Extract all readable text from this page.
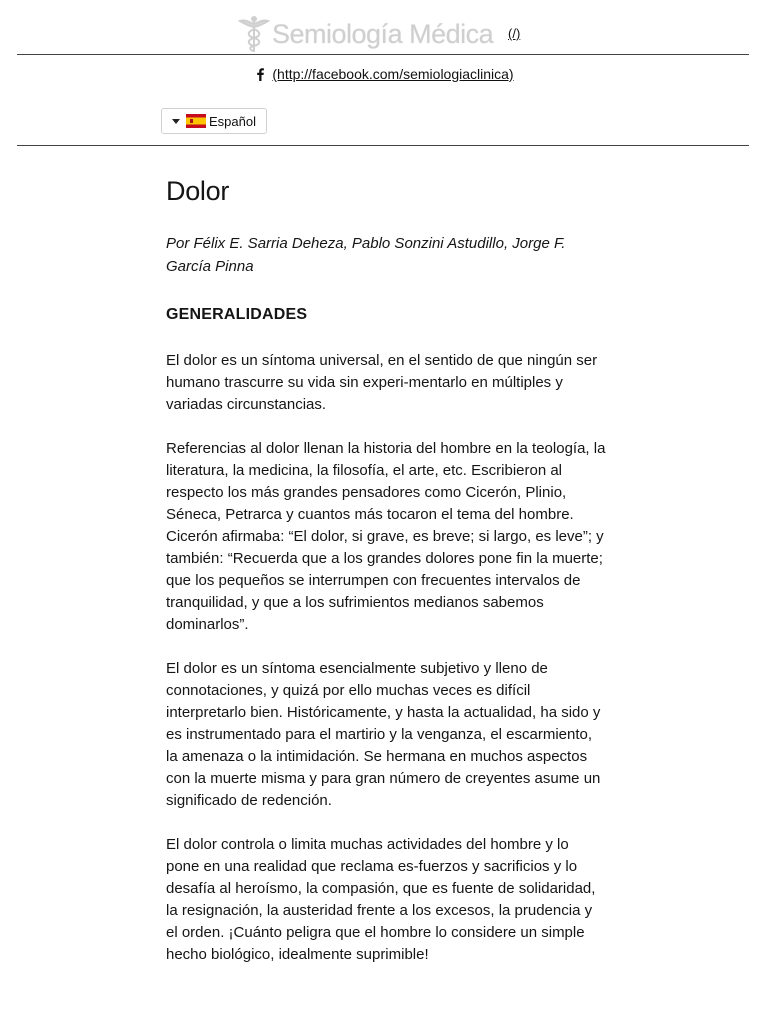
Semiología Médica (/)
(http://facebook.com/semiologiaclinica)
Español
Dolor

Por Félix E. Sarria Deheza, Pablo Sonzini Astudillo, Jorge F. García Pinna

GENERALIDADES

El dolor es un síntoma universal, en el sentido de que ningún ser humano trascurre su vida sin experi-mentarlo en múltiples y variadas circunstancias.

Referencias al dolor llenan la historia del hombre en la teología, la literatura, la medicina, la filosofía, el arte, etc. Escribieron al respecto los más grandes pensadores como Cicerón, Plinio, Séneca, Petrarca y cuantos más tocaron el tema del hombre. Cicerón afirmaba: “El dolor, si grave, es breve; si largo, es leve”; y también: “Recuerda que a los grandes dolores pone fin la muerte; que los pequeños se interrumpen con frecuentes intervalos de tranquilidad, y que a los sufrimientos medianos sabemos dominarlos”.

El dolor es un síntoma esencialmente subjetivo y lleno de connotaciones, y quizá por ello muchas veces es difícil interpretarlo bien. Históricamente, y hasta la actualidad, ha sido y es instrumentado para el martirio y la venganza, el escarmiento, la amenaza o la intimidación. Se hermana en muchos aspectos con la muerte misma y para gran número de creyentes asume un significado de redención.

El dolor controla o limita muchas actividades del hombre y lo pone en una realidad que reclama es-fuerzos y sacrificios y lo desafía al heroísmo, la compasión, que es fuente de solidaridad, la resignación, la austeridad frente a los excesos, la prudencia y el orden. ¡Cuánto peligra que el hombre lo considere un simple hecho biológico, idealmente suprimible!
